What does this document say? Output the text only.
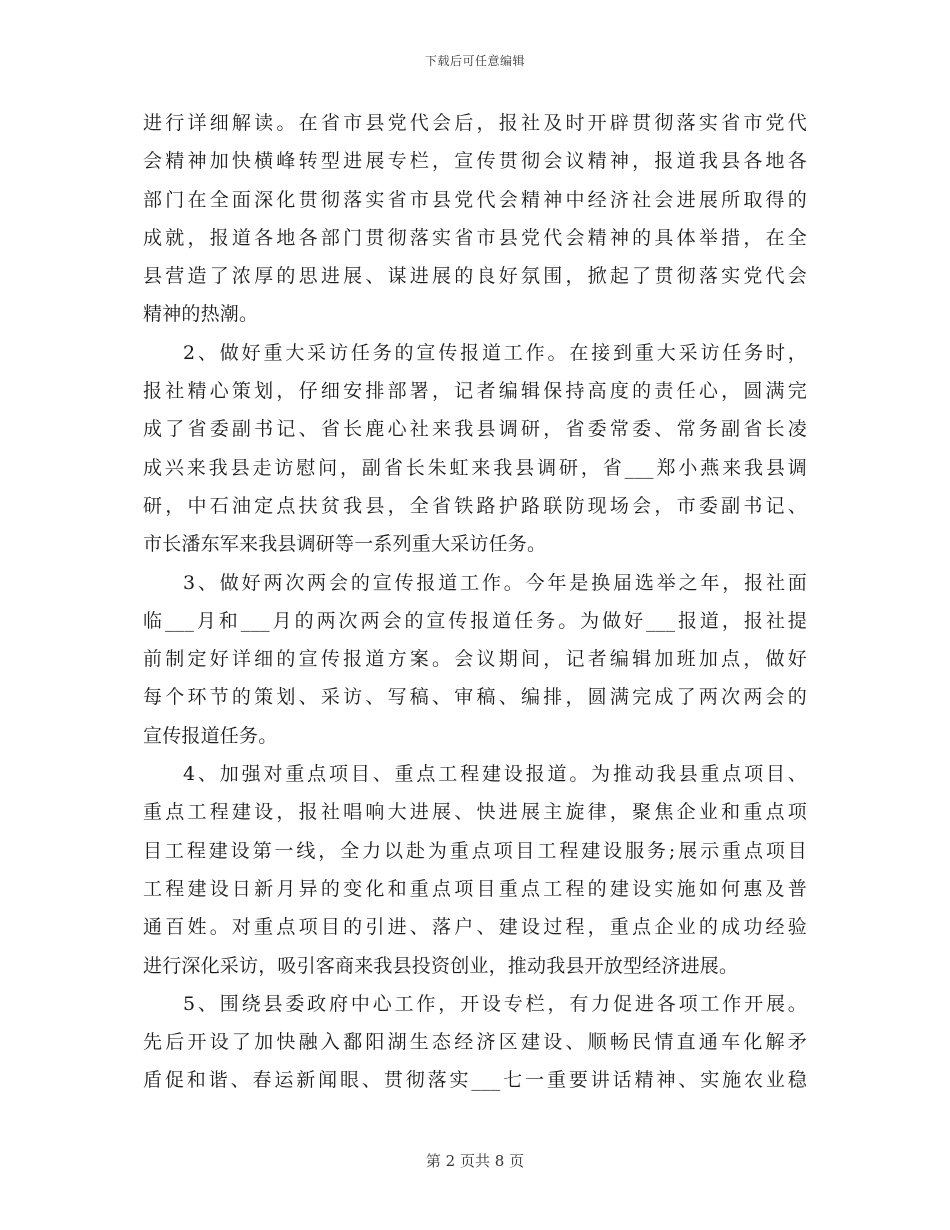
下载后可任意编辑
进行详细解读。在省市县党代会后，报社及时开辟贯彻落实省市党代
会精神加快横峰转型进展专栏，宣传贯彻会议精神，报道我县各地各
部门在全面深化贯彻落实省市县党代会精神中经济社会进展所取得的
成就，报道各地各部门贯彻落实省市县党代会精神的具体举措，在全
县营造了浓厚的思进展、谋进展的良好氛围，掀起了贯彻落实党代会
精神的热潮。
2、做好重大采访任务的宣传报道工作。在接到重大采访任务时，
报社精心策划，仔细安排部署，记者编辑保持高度的责任心，圆满完
成了省委副书记、省长鹿心社来我县调研，省委常委、常务副省长凌
成兴来我县走访慰问，副省长朱虹来我县调研，省___郑小燕来我县调
研，中石油定点扶贫我县，全省铁路护路联防现场会，市委副书记、
市长潘东军来我县调研等一系列重大采访任务。
3、做好两次两会的宣传报道工作。今年是换届选举之年，报社面
临___月和___月的两次两会的宣传报道任务。为做好___报道，报社提
前制定好详细的宣传报道方案。会议期间，记者编辑加班加点，做好
每个环节的策划、采访、写稿、审稿、编排，圆满完成了两次两会的
宣传报道任务。
4、加强对重点项目、重点工程建设报道。为推动我县重点项目、
重点工程建设，报社唱响大进展、快进展主旋律，聚焦企业和重点项
目工程建设第一线，全力以赴为重点项目工程建设服务;展示重点项目
工程建设日新月异的变化和重点项目重点工程的建设实施如何惠及普
通百姓。对重点项目的引进、落户、建设过程，重点企业的成功经验
进行深化采访，吸引客商来我县投资创业，推动我县开放型经济进展。
5、围绕县委政府中心工作，开设专栏，有力促进各项工作开展。
先后开设了加快融入鄱阳湖生态经济区建设、顺畅民情直通车化解矛
盾促和谐、春运新闻眼、贯彻落实___七一重要讲话精神、实施农业稳
第 2 页共 8 页
